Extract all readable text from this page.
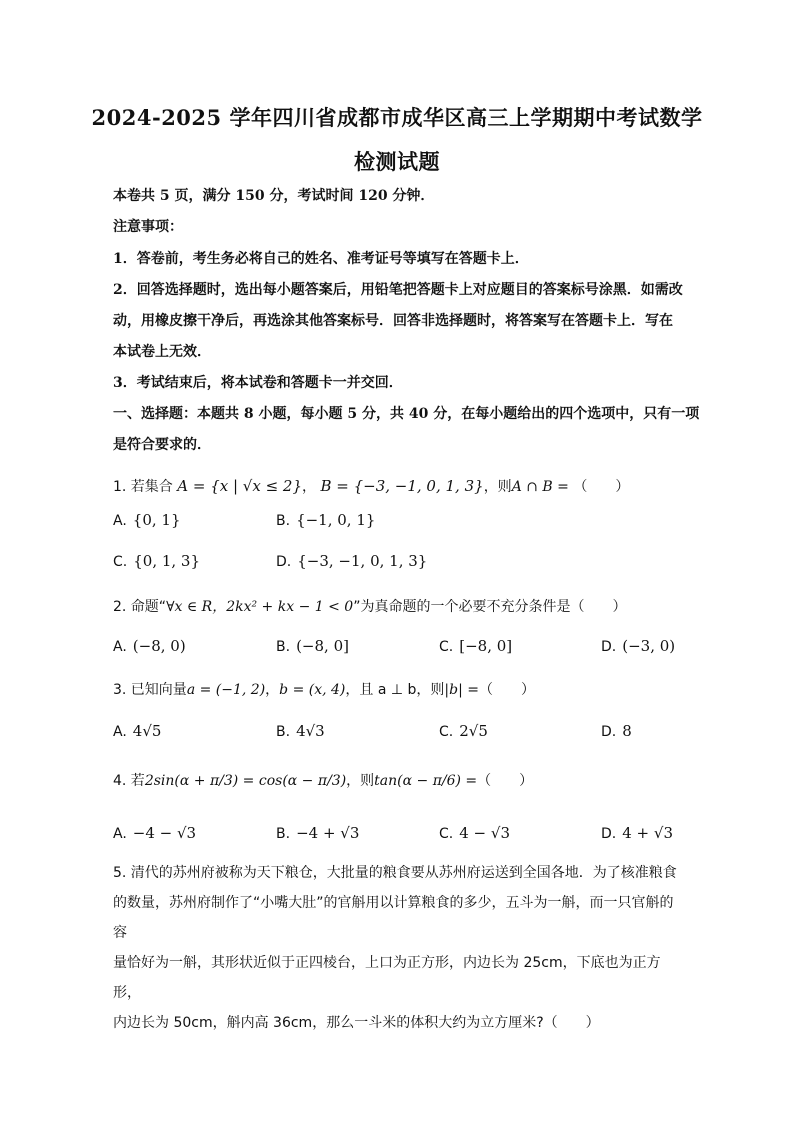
2024-2025 学年四川省成都市成华区高三上学期期中考试数学
检测试题
本卷共 5 页，满分 150 分，考试时间 120 分钟．
注意事项：
1．答卷前，考生务必将自己的姓名、准考证号等填写在答题卡上．
2．回答选择题时，选出每小题答案后，用铅笔把答题卡上对应题目的答案标号涂黑．如需改
动，用橡皮擦干净后，再选涂其他答案标号．回答非选择题时，将答案写在答题卡上．写在
本试卷上无效．
3．考试结束后，将本试卷和答题卡一并交回．
一、选择题：本题共 8 小题，每小题 5 分，共 40 分，在每小题给出的四个选项中，只有一项
是符合要求的．
1. 若集合 A = {x | √x ≤ 2}， B = {−3, −1, 0, 1, 3}，则A ∩ B = （　　）
A. {0, 1}	B. {−1, 0, 1}
C. {0, 1, 3}	D. {−3, −1, 0, 1, 3}
2. 命题“∀x ∈ R，2kx² + kx − 1 < 0”为真命题的一个必要不充分条件是（　　）
A. (−8, 0)	B. (−8, 0]	C. [−8, 0]	D. (−3, 0)
3. 已知向量a = (−1, 2)，b = (x, 4)，且 a ⊥ b，则|b| =（　　）
A. 4√5	B. 4√3	C. 2√5	D. 8
4. 若2sin(α + π/3) = cos(α − π/3)，则tan(α − π/6) =（　　）
A. −4 − √3	B. −4 + √3	C. 4 − √3	D. 4 + √3
5. 清代的苏州府被称为天下粮仓，大批量的粮食要从苏州府运送到全国各地．为了核准粮食
的数量，苏州府制作了“小嘴大肚”的官斛用以计算粮食的多少，五斗为一斛，而一只官斛的容
量恰好为一斛，其形状近似于正四棱台，上口为正方形，内边长为 25cm，下底也为正方形，
内边长为 50cm，斛内高 36cm，那么一斗米的体积大约为立方厘米?（　　）
